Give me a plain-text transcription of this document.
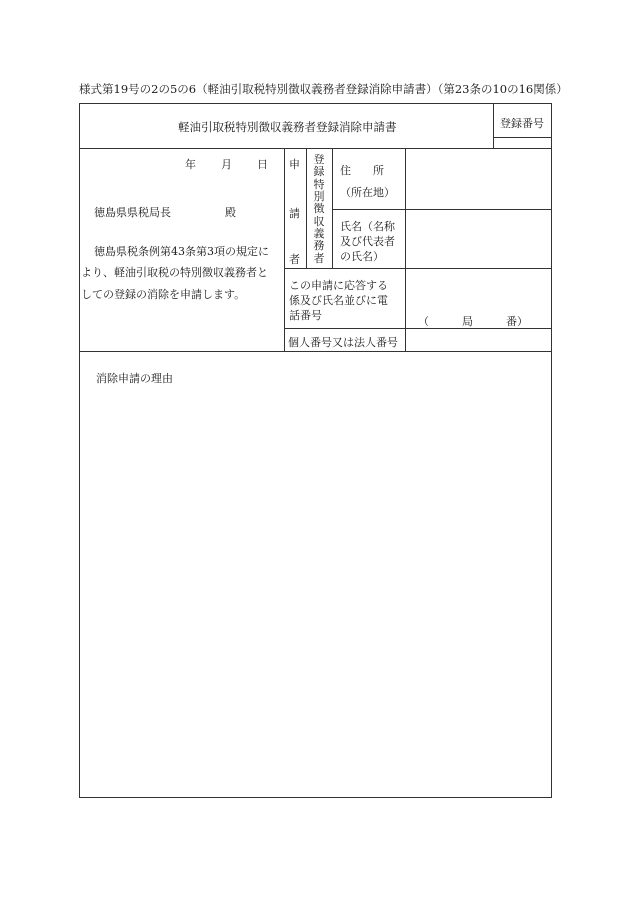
様式第19号の2の5の6（軽油引取税特別徴収義務者登録消除申請書）（第23条の10の16関係）
軽油引取税特別徴収義務者登録消除申請書	登録番号
年 月 日
徳島県県税局長	殿
徳島県税条例第43条第3項の規定に
より、軽油引取税の特別徴収義務者と
しての登録の消除を申請します。
申
請
者
登録特別徴収義務者
住　　所
（所在地）
氏名（名称
及び代表者
の氏名）
この申請に応答する
係及び氏名並びに電
話番号	（　　　局　　　番）
個人番号又は法人番号
消除申請の理由
